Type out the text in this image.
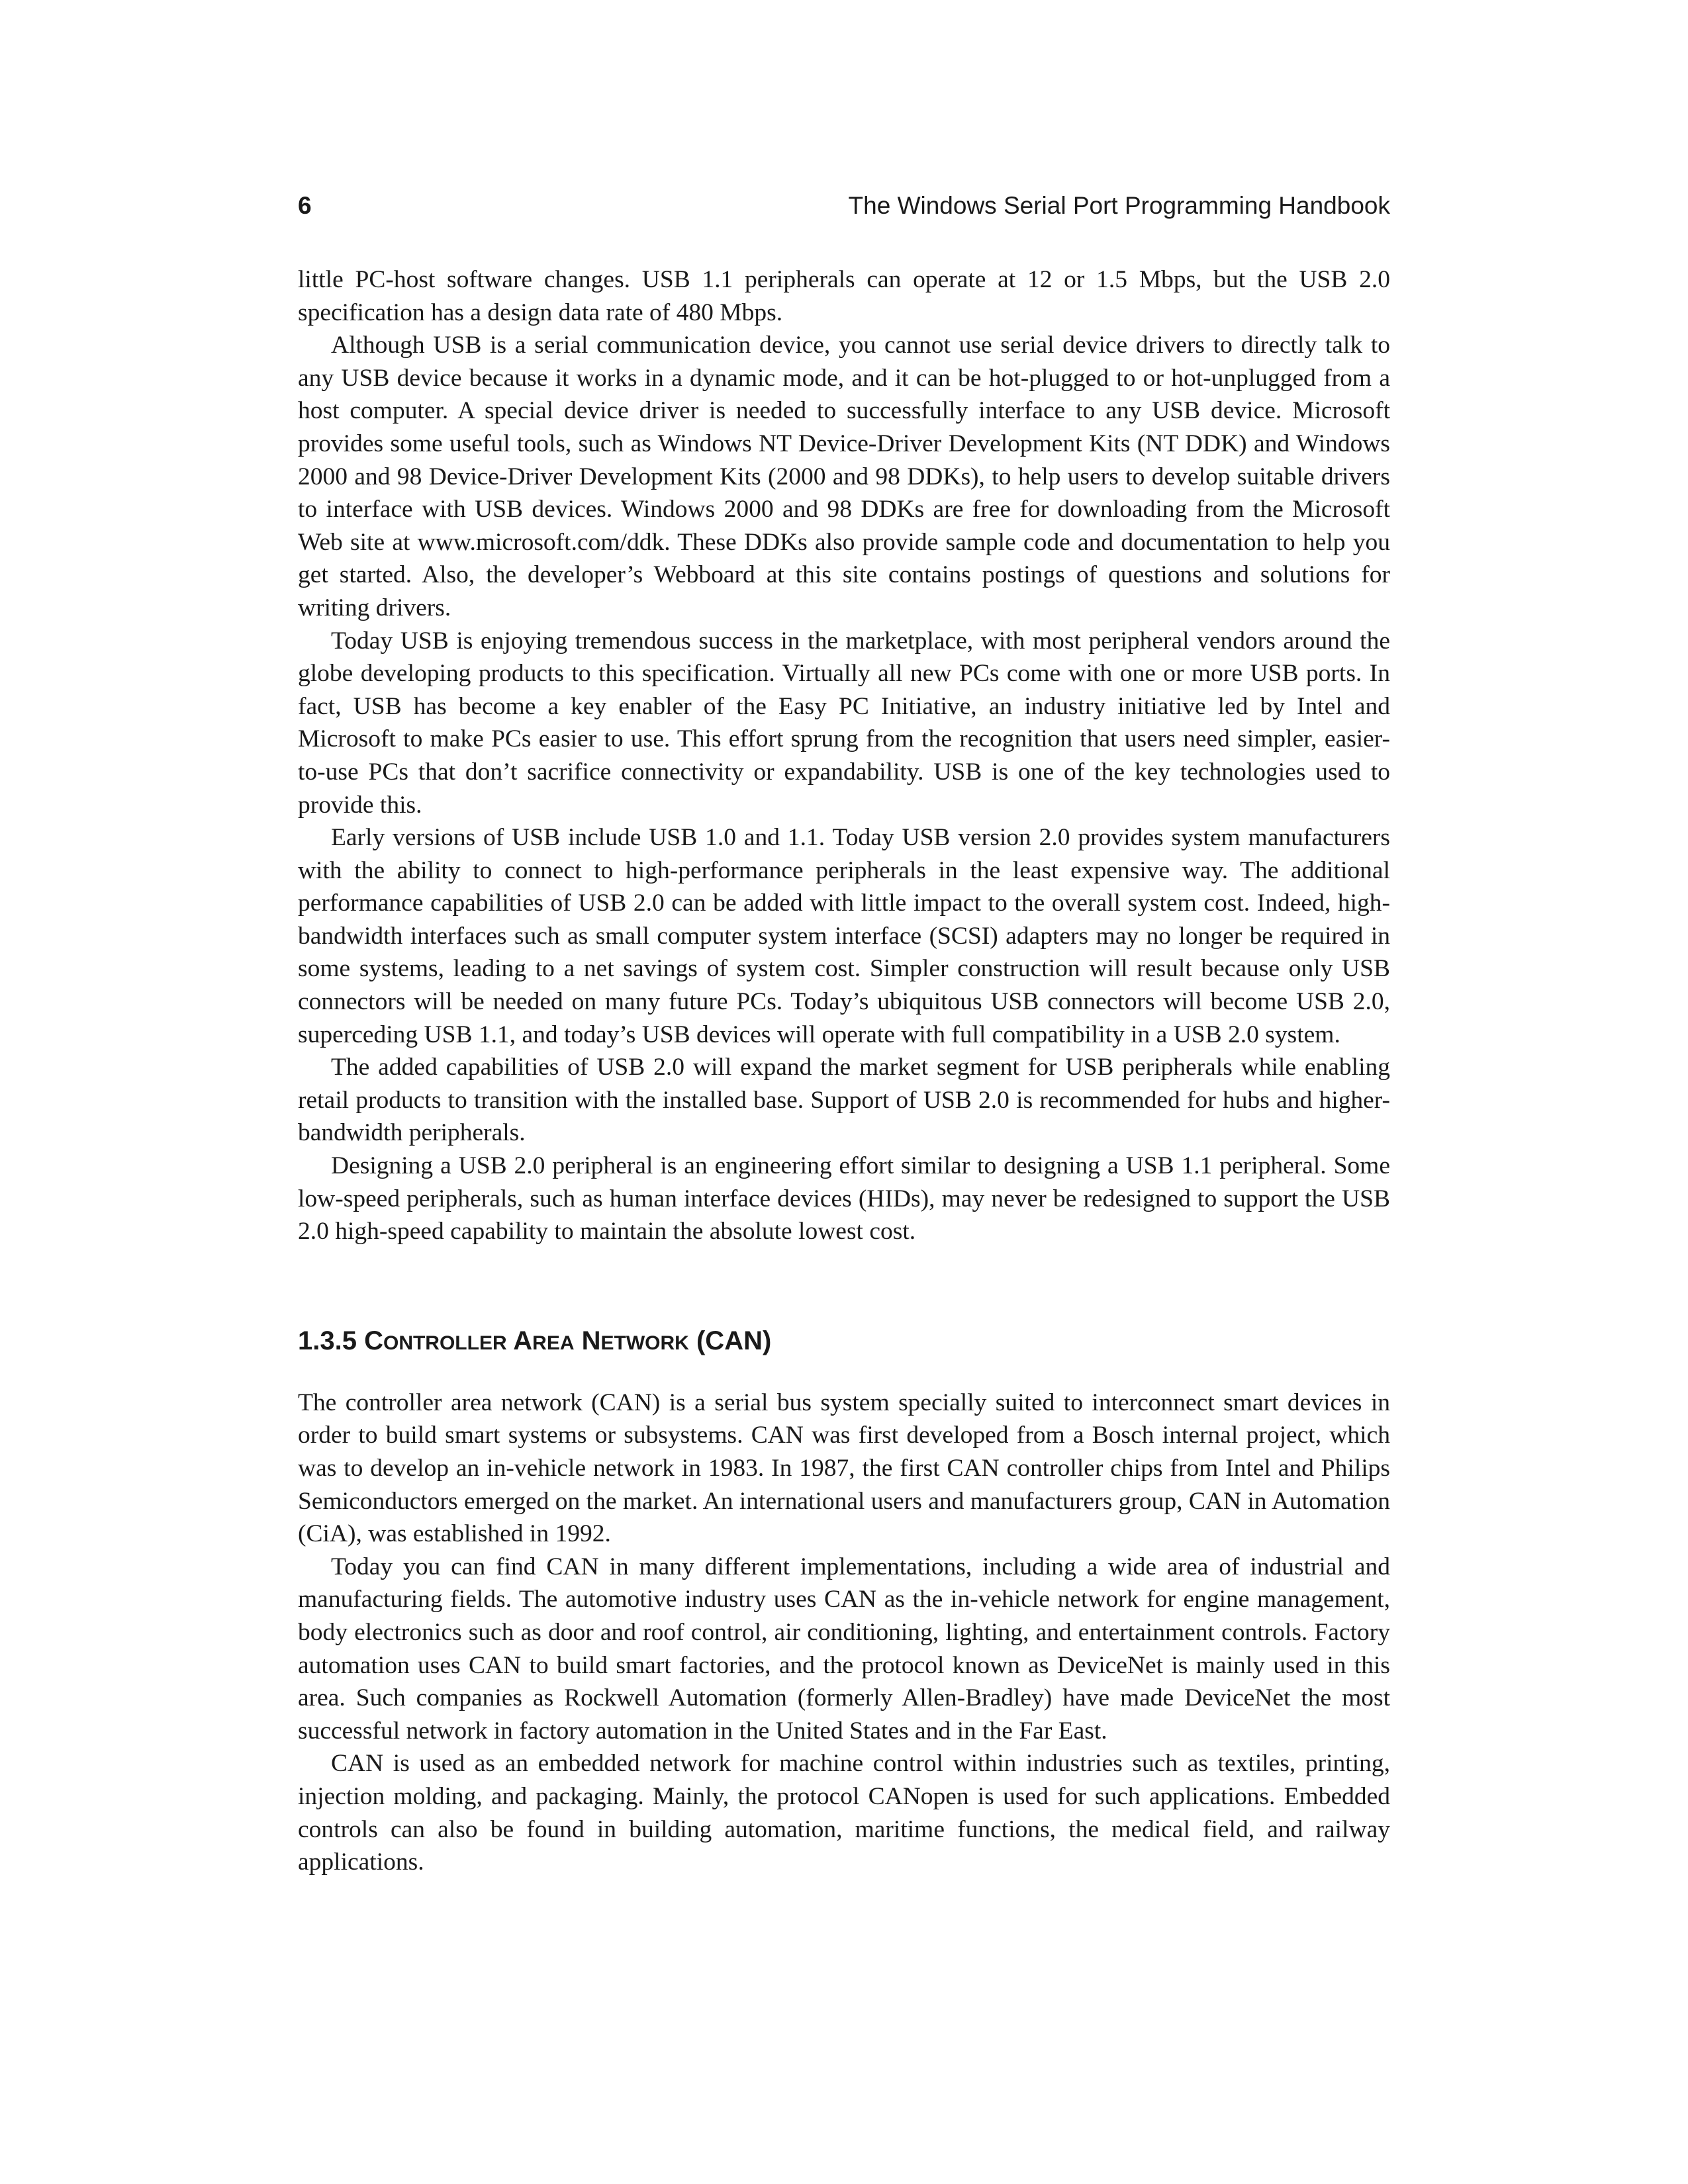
6	The Windows Serial Port Programming Handbook

little PC-host software changes. USB 1.1 peripherals can operate at 12 or 1.5 Mbps, but the USB 2.0 specification has a design data rate of 480 Mbps.

Although USB is a serial communication device, you cannot use serial device drivers to directly talk to any USB device because it works in a dynamic mode, and it can be hot-plugged to or hot-unplugged from a host computer. A special device driver is needed to successfully interface to any USB device. Microsoft provides some useful tools, such as Windows NT Device-Driver Development Kits (NT DDK) and Windows 2000 and 98 Device-Driver Development Kits (2000 and 98 DDKs), to help users to develop suitable drivers to interface with USB devices. Windows 2000 and 98 DDKs are free for downloading from the Microsoft Web site at www.microsoft.com/ddk. These DDKs also provide sample code and documentation to help you get started. Also, the developer’s Webboard at this site contains postings of questions and solutions for writing drivers.

Today USB is enjoying tremendous success in the marketplace, with most peripheral vendors around the globe developing products to this specification. Virtually all new PCs come with one or more USB ports. In fact, USB has become a key enabler of the Easy PC Initiative, an industry initiative led by Intel and Microsoft to make PCs easier to use. This effort sprung from the recognition that users need simpler, easier-to-use PCs that don’t sacrifice connectivity or expandability. USB is one of the key technologies used to provide this.

Early versions of USB include USB 1.0 and 1.1. Today USB version 2.0 provides system manufacturers with the ability to connect to high-performance peripherals in the least expensive way. The additional performance capabilities of USB 2.0 can be added with little impact to the overall system cost. Indeed, high-bandwidth interfaces such as small computer system interface (SCSI) adapters may no longer be required in some systems, leading to a net savings of system cost. Simpler construction will result because only USB connectors will be needed on many future PCs. Today’s ubiquitous USB connectors will become USB 2.0, superceding USB 1.1, and today’s USB devices will operate with full compatibility in a USB 2.0 system.

The added capabilities of USB 2.0 will expand the market segment for USB peripherals while enabling retail products to transition with the installed base. Support of USB 2.0 is recommended for hubs and higher-bandwidth peripherals.

Designing a USB 2.0 peripheral is an engineering effort similar to designing a USB 1.1 peripheral. Some low-speed peripherals, such as human interface devices (HIDs), may never be redesigned to support the USB 2.0 high-speed capability to maintain the absolute lowest cost.

1.3.5 CONTROLLER AREA NETWORK (CAN)

The controller area network (CAN) is a serial bus system specially suited to interconnect smart devices in order to build smart systems or subsystems. CAN was first developed from a Bosch internal project, which was to develop an in-vehicle network in 1983. In 1987, the first CAN controller chips from Intel and Philips Semiconductors emerged on the market. An international users and manufacturers group, CAN in Automation (CiA), was established in 1992.

Today you can find CAN in many different implementations, including a wide area of industrial and manufacturing fields. The automotive industry uses CAN as the in-vehicle network for engine management, body electronics such as door and roof control, air conditioning, lighting, and entertainment controls. Factory automation uses CAN to build smart factories, and the protocol known as DeviceNet is mainly used in this area. Such companies as Rockwell Automation (formerly Allen-Bradley) have made DeviceNet the most successful network in factory automation in the United States and in the Far East.

CAN is used as an embedded network for machine control within industries such as textiles, printing, injection molding, and packaging. Mainly, the protocol CANopen is used for such applications. Embedded controls can also be found in building automation, maritime functions, the medical field, and railway applications.
